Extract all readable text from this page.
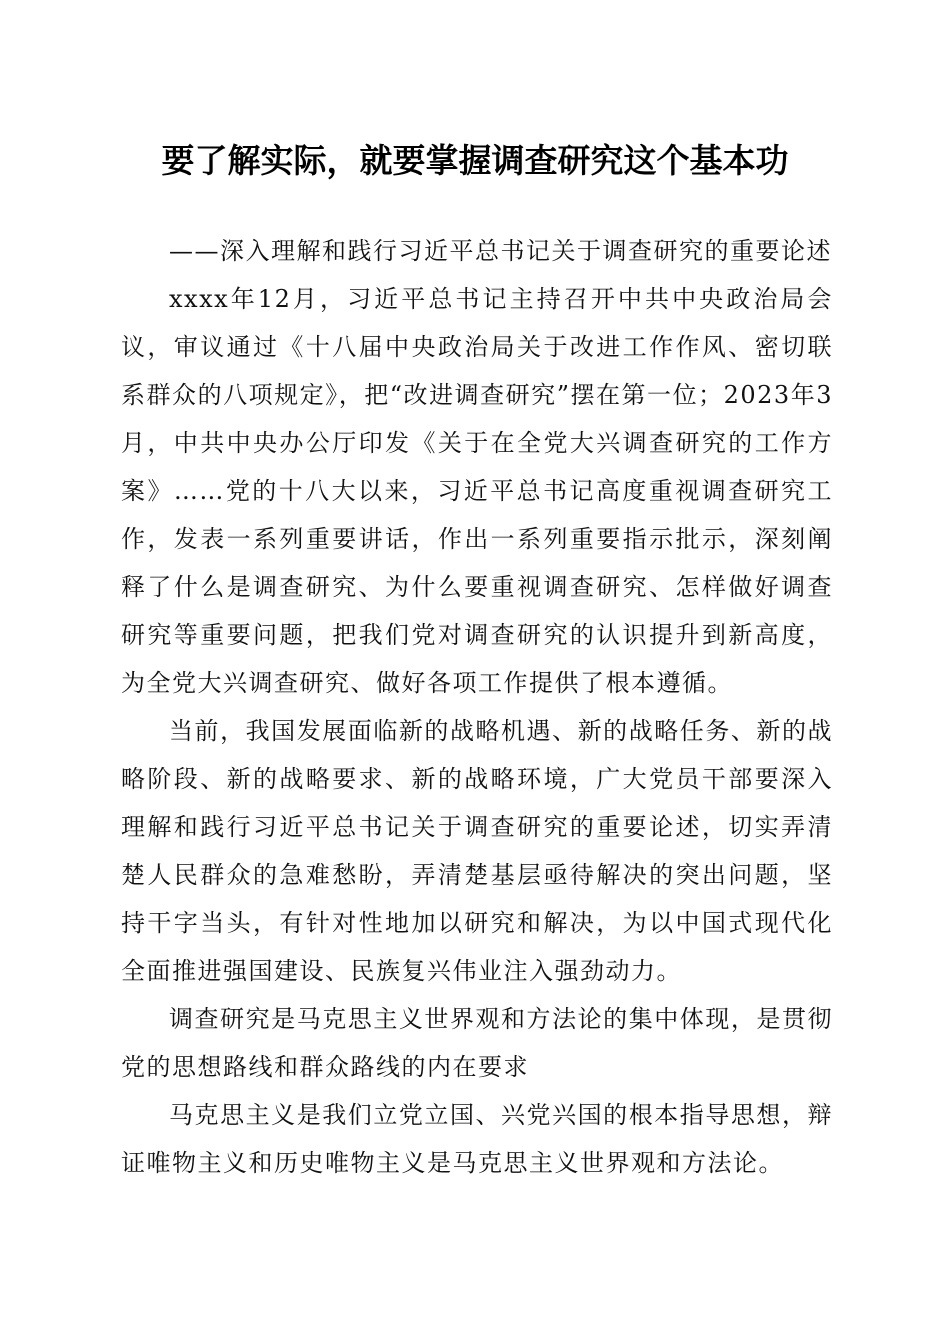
要了解实际，就要掌握调查研究这个基本功

——深入理解和践行习近平总书记关于调查研究的重要论述

xxxx年12月，习近平总书记主持召开中共中央政治局会议，审议通过《十八届中央政治局关于改进工作作风、密切联系群众的八项规定》，把“改进调查研究”摆在第一位；2023年3月，中共中央办公厅印发《关于在全党大兴调查研究的工作方案》……党的十八大以来，习近平总书记高度重视调查研究工作，发表一系列重要讲话，作出一系列重要指示批示，深刻阐释了什么是调查研究、为什么要重视调查研究、怎样做好调查研究等重要问题，把我们党对调查研究的认识提升到新高度，为全党大兴调查研究、做好各项工作提供了根本遵循。

当前，我国发展面临新的战略机遇、新的战略任务、新的战略阶段、新的战略要求、新的战略环境，广大党员干部要深入理解和践行习近平总书记关于调查研究的重要论述，切实弄清楚人民群众的急难愁盼，弄清楚基层亟待解决的突出问题，坚持干字当头，有针对性地加以研究和解决，为以中国式现代化全面推进强国建设、民族复兴伟业注入强劲动力。

调查研究是马克思主义世界观和方法论的集中体现，是贯彻党的思想路线和群众路线的内在要求

马克思主义是我们立党立国、兴党兴国的根本指导思想，辩证唯物主义和历史唯物主义是马克思主义世界观和方法论。
